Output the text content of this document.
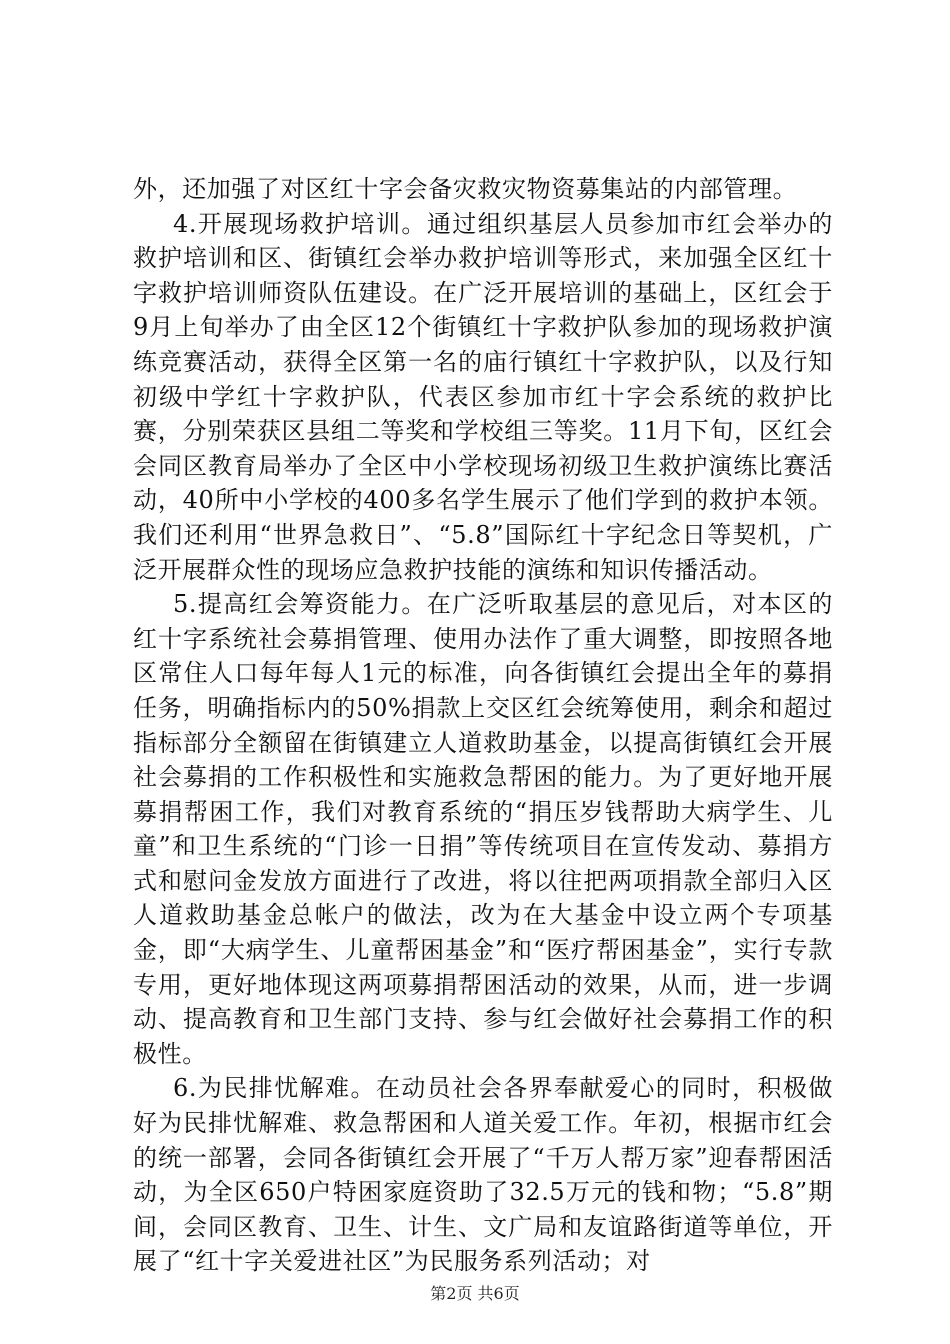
外，还加强了对区红十字会备灾救灾物资募集站的内部管理。

4.开展现场救护培训。通过组织基层人员参加市红会举办的救护培训和区、街镇红会举办救护培训等形式，来加强全区红十字救护培训师资队伍建设。在广泛开展培训的基础上，区红会于9月上旬举办了由全区12个街镇红十字救护队参加的现场救护演练竞赛活动，获得全区第一名的庙行镇红十字救护队，以及行知初级中学红十字救护队，代表区参加市红十字会系统的救护比赛，分别荣获区县组二等奖和学校组三等奖。11月下旬，区红会会同区教育局举办了全区中小学校现场初级卫生救护演练比赛活动，40所中小学校的400多名学生展示了他们学到的救护本领。我们还利用“世界急救日”、“5.8”国际红十字纪念日等契机，广泛开展群众性的现场应急救护技能的演练和知识传播活动。

5.提高红会筹资能力。在广泛听取基层的意见后，对本区的红十字系统社会募捐管理、使用办法作了重大调整，即按照各地区常住人口每年每人1元的标准，向各街镇红会提出全年的募捐任务，明确指标内的50%捐款上交区红会统筹使用，剩余和超过指标部分全额留在街镇建立人道救助基金，以提高街镇红会开展社会募捐的工作积极性和实施救急帮困的能力。为了更好地开展募捐帮困工作，我们对教育系统的“捐压岁钱帮助大病学生、儿童”和卫生系统的“门诊一日捐”等传统项目在宣传发动、募捐方式和慰问金发放方面进行了改进，将以往把两项捐款全部归入区人道救助基金总帐户的做法，改为在大基金中设立两个专项基金，即“大病学生、儿童帮困基金”和“医疗帮困基金”，实行专款专用，更好地体现这两项募捐帮困活动的效果，从而，进一步调动、提高教育和卫生部门支持、参与红会做好社会募捐工作的积极性。

6.为民排忧解难。在动员社会各界奉献爱心的同时，积极做好为民排忧解难、救急帮困和人道关爱工作。年初，根据市红会的统一部署，会同各街镇红会开展了“千万人帮万家”迎春帮困活动，为全区650户特困家庭资助了32.5万元的钱和物；“5.8”期间，会同区教育、卫生、计生、文广局和友谊路街道等单位，开展了“红十字关爱进社区”为民服务系列活动；对

第2页 共6页
